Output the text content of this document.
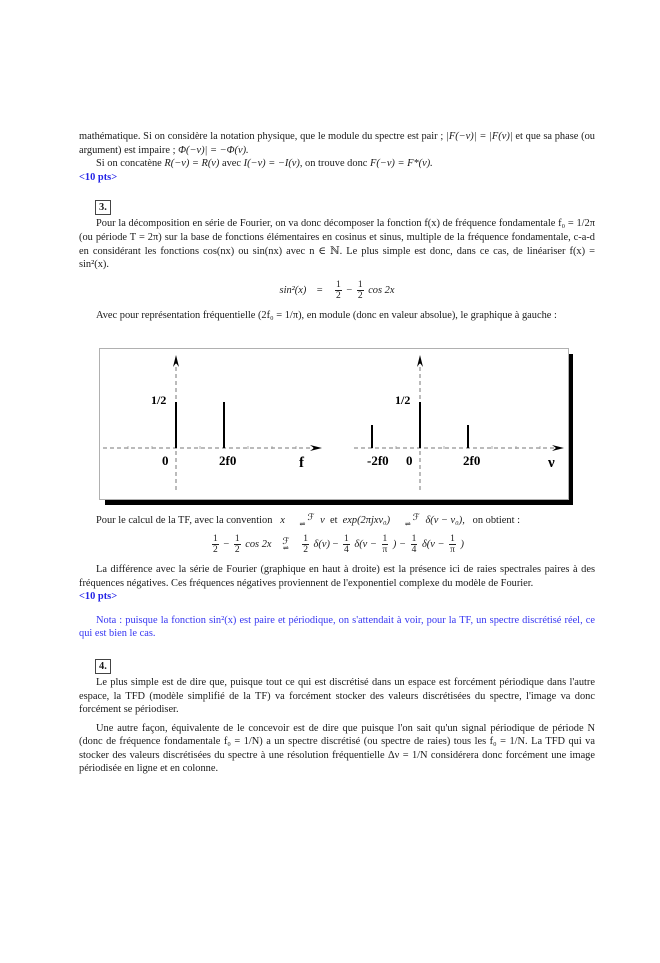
mathématique. Si on considère la notation physique, que le module du spectre est pair ; |F(−ν)| = |F(ν)| et que sa phase (ou argument) est impaire ; Φ(−ν)| = −Φ(ν).

Si on concatène R(−ν) = R(ν) avec I(−ν) = −I(ν), on trouve donc F(−ν) = F*(ν).

<10 pts>

3.

Pour la décomposition en série de Fourier, on va donc décomposer la fonction f(x) de fréquence fondamentale f₀ = 1/2π (ou période T = 2π) sur la base de fonctions élémentaires en cosinus et sinus, multiple de la fréquence fondamentale, c-a-d en considérant les fonctions cos(nx) ou sin(nx) avec n ∈ ℕ. Le plus simple est donc, dans ce cas, de linéariser f(x) = sin²(x).

$\sin^2(x) = \frac{1}{2} - \frac{1}{2}$ cos 2x

Avec pour représentation fréquentielle (2f₀ = 1/π), en module (donc en valeur absolue), le graphique à gauche :

Pour le calcul de la TF, avec la convention x	ℱ
⇌ ν et exp(2πjxν₀)	ℱ
⇌ δ(ν − ν₀), on obtient :

$\frac{1}{2} - \frac{1}{2}$ cos 2x ℱ
⇌ $\frac{1}{2} \delta(\nu) - \frac{1}{4} \delta(\nu - \frac{1}{\pi}$ ) − $\frac{1}{4} \delta(\nu - \frac{1}{\pi}$ )

La différence avec la série de Fourier (graphique en haut à droite) est la présence ici de raies spectrales paires à des fréquences négatives. Ces fréquences négatives proviennent de l'exponentiel complexe du modèle de Fourier.

<10 pts>

Nota : puisque la fonction sin²(x) est paire et périodique, on s'attendait à voir, pour la TF, un spectre discrétisé réel, ce qui est bien le cas.

4.

Le plus simple est de dire que, puisque tout ce qui est discrétisé dans un espace est forcément périodique dans l'autre espace, la TFD (modèle simplifié de la TF) va forcément stocker des valeurs discrétisées du spectre, l'image va donc forcément se périodiser.

Une autre façon, équivalente de le concevoir est de dire que puisque l'on sait qu'un signal périodique de période N (donc de fréquence fondamentale f₀ = 1/N) a un spectre discrétisé (ou spectre de raies) tous les f₀ = 1/N. La TFD qui va stocker des valeurs discrétisées du spectre à une résolution fréquentielle Δν = 1/N considérera donc forcément une image périodisée en ligne et en colonne.

0	2f0
1/2
f	-2f0 0	2f0
1/2
ν
